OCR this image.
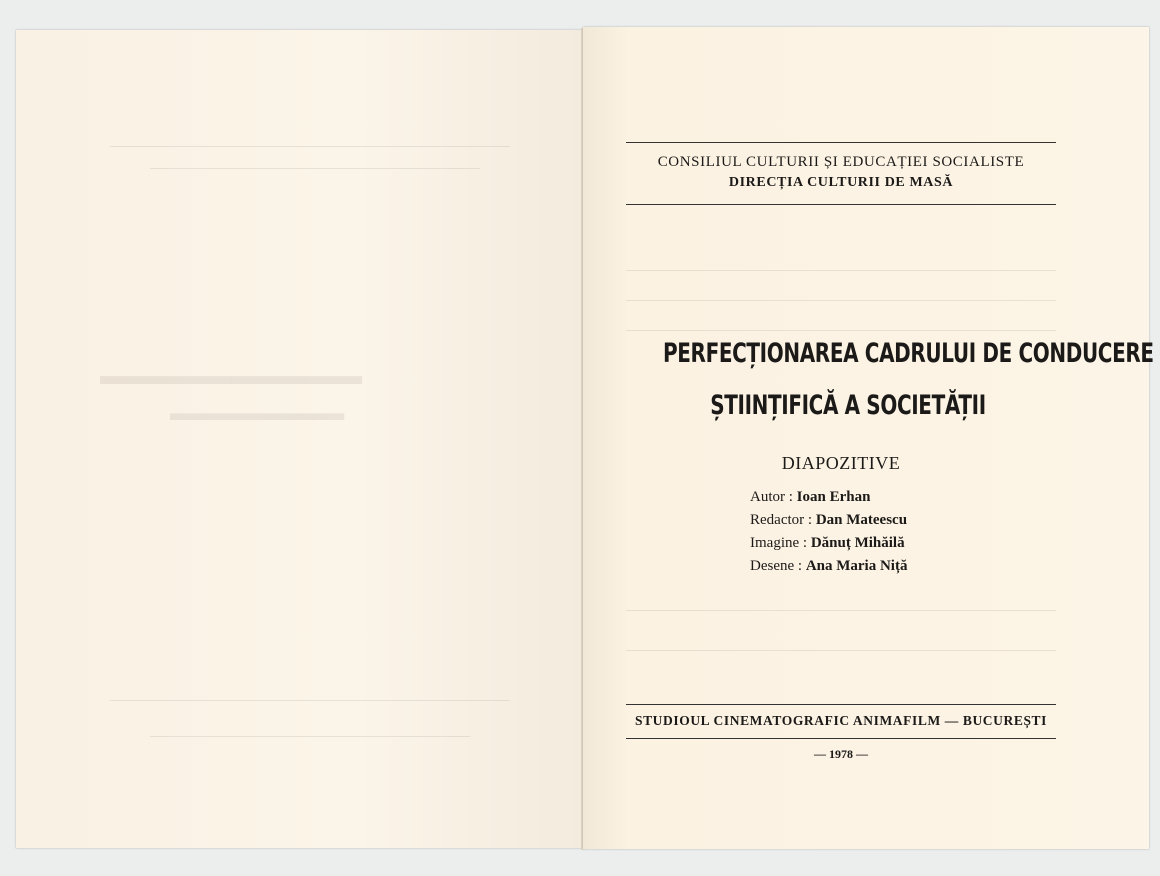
▬▬▬▬▬▬▬▬▬▬▬▬▬▬
▬▬▬▬▬▬▬▬▬▬▬
CONSILIUL CULTURII ȘI EDUCAȚIEI SOCIALISTE
DIRECȚIA CULTURII DE MASĂ
PERFECȚIONAREA CADRULUI DE CONDUCERE
ȘTIINȚIFICĂ A SOCIETĂȚII
DIAPOZITIVE
Autor : Ioan Erhan
Redactor : Dan Mateescu
Imagine : Dănuț Mihăilă
Desene : Ana Maria Niță
STUDIOUL CINEMATOGRAFIC ANIMAFILM — BUCUREȘTI
— 1978 —
